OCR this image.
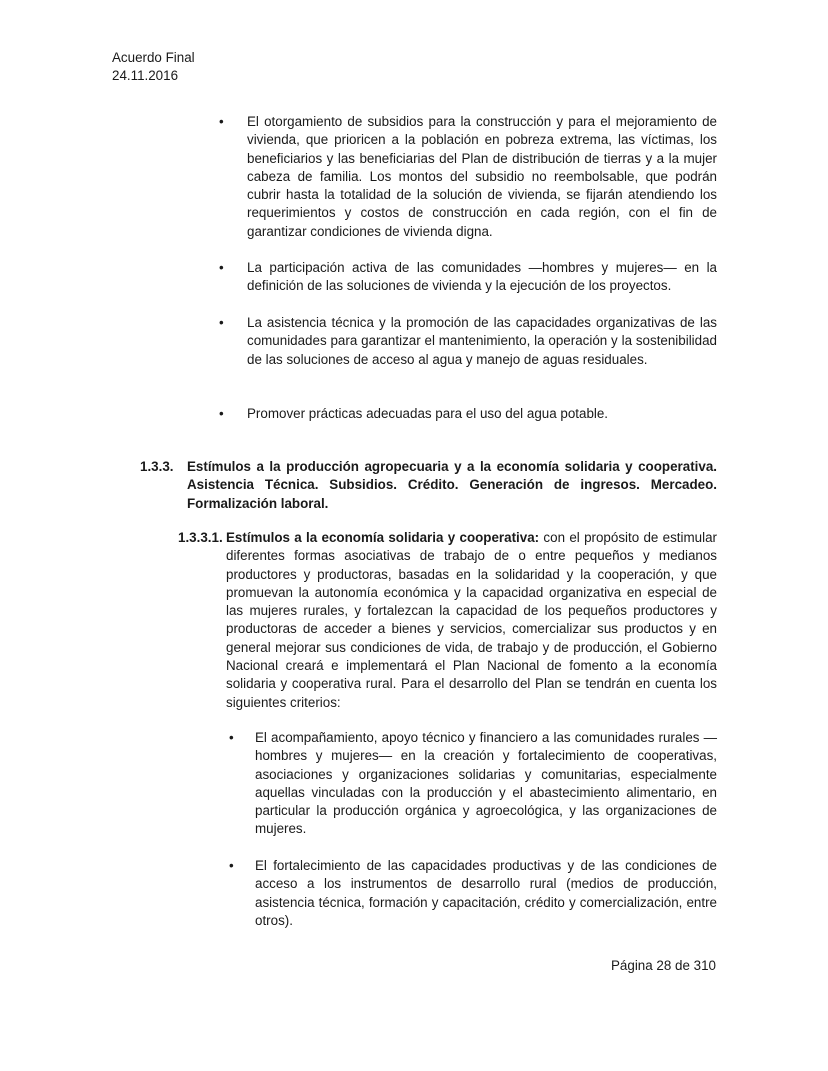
Acuerdo Final
24.11.2016
•	El otorgamiento de subsidios para la construcción y para el mejoramiento de vivienda, que prioricen a la población en pobreza extrema, las víctimas, los beneficiarios y las beneficiarias del Plan de distribución de tierras y a la mujer cabeza de familia. Los montos del subsidio no reembolsable, que podrán cubrir hasta la totalidad de la solución de vivienda, se fijarán atendiendo los requerimientos y costos de construcción en cada región, con el fin de garantizar condiciones de vivienda digna.
•	La participación activa de las comunidades —hombres y mujeres— en la definición de las soluciones de vivienda y la ejecución de los proyectos.
•	La asistencia técnica y la promoción de las capacidades organizativas de las comunidades para garantizar el mantenimiento, la operación y la sostenibilidad de las soluciones de acceso al agua y manejo de aguas residuales.
•	Promover prácticas adecuadas para el uso del agua potable.
1.3.3. Estímulos a la producción agropecuaria y a la economía solidaria y cooperativa. Asistencia Técnica. Subsidios. Crédito. Generación de ingresos. Mercadeo. Formalización laboral.
1.3.3.1. Estímulos a la economía solidaria y cooperativa: con el propósito de estimular diferentes formas asociativas de trabajo de o entre pequeños y medianos productores y productoras, basadas en la solidaridad y la cooperación, y que promuevan la autonomía económica y la capacidad organizativa en especial de las mujeres rurales, y fortalezcan la capacidad de los pequeños productores y productoras de acceder a bienes y servicios, comercializar sus productos y en general mejorar sus condiciones de vida, de trabajo y de producción, el Gobierno Nacional creará e implementará el Plan Nacional de fomento a la economía solidaria y cooperativa rural. Para el desarrollo del Plan se tendrán en cuenta los siguientes criterios:
•	El acompañamiento, apoyo técnico y financiero a las comunidades rurales —hombres y mujeres— en la creación y fortalecimiento de cooperativas, asociaciones y organizaciones solidarias y comunitarias, especialmente aquellas vinculadas con la producción y el abastecimiento alimentario, en particular la producción orgánica y agroecológica, y las organizaciones de mujeres.
•	El fortalecimiento de las capacidades productivas y de las condiciones de acceso a los instrumentos de desarrollo rural (medios de producción, asistencia técnica, formación y capacitación, crédito y comercialización, entre otros).
Página 28 de 310
